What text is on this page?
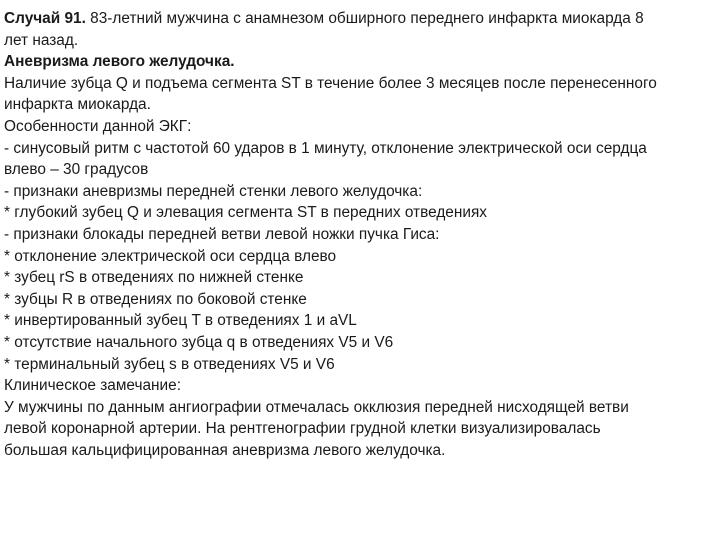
Случай 91. 83-летний мужчина с анамнезом обширного переднего инфаркта миокарда 8
лет назад.
Аневризма левого желудочка.
Наличие зубца Q и подъема сегмента ST в течение более 3 месяцев после перенесенного
инфаркта миокарда.
Особенности данной ЭКГ:
- синусовый ритм с частотой 60 ударов в 1 минуту, отклонение электрической оси сердца
влево – 30 градусов
- признаки аневризмы передней стенки левого желудочка:
* глубокий зубец Q и элевация сегмента ST в передних отведениях
- признаки блокады передней ветви левой ножки пучка Гиса:
* отклонение электрической оси сердца влево
* зубец rS в отведениях по нижней стенке
* зубцы R в отведениях по боковой стенке
* инвертированный зубец T в отведениях 1 и aVL
* отсутствие начального зубца q в отведениях V5 и V6
* терминальный зубец s в отведениях V5 и V6
Клиническое замечание:
У мужчины по данным ангиографии отмечалась окклюзия передней нисходящей ветви
левой коронарной артерии. На рентгенографии грудной клетки визуализировалась
большая кальцифицированная аневризма левого желудочка.
